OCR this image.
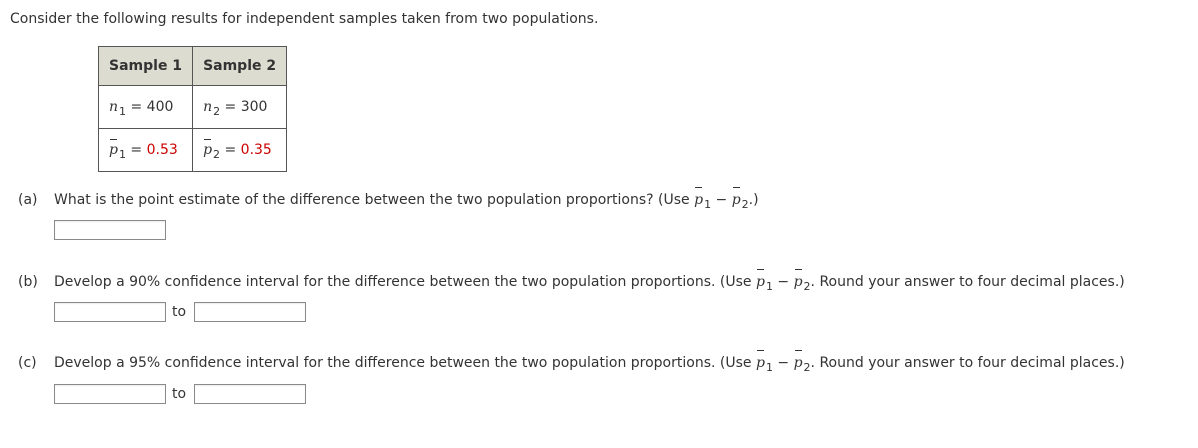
Consider the following results for independent samples taken from two populations.
Sample 1	Sample 2
$n_1 = 400$	$n_2 = 300$
$p_1 = 0.53$	$p_2 = 0.35$
(a) What is the point estimate of the difference between the two population proportions? (Use $p_1 - p_2$.)
(b) Develop a 90% confidence interval for the difference between the two population proportions. (Use $p_1 - p_2$. Round your answer to four decimal places.)
to
(c) Develop a 95% confidence interval for the difference between the two population proportions. (Use $p_1 - p_2$. Round your answer to four decimal places.)
to
